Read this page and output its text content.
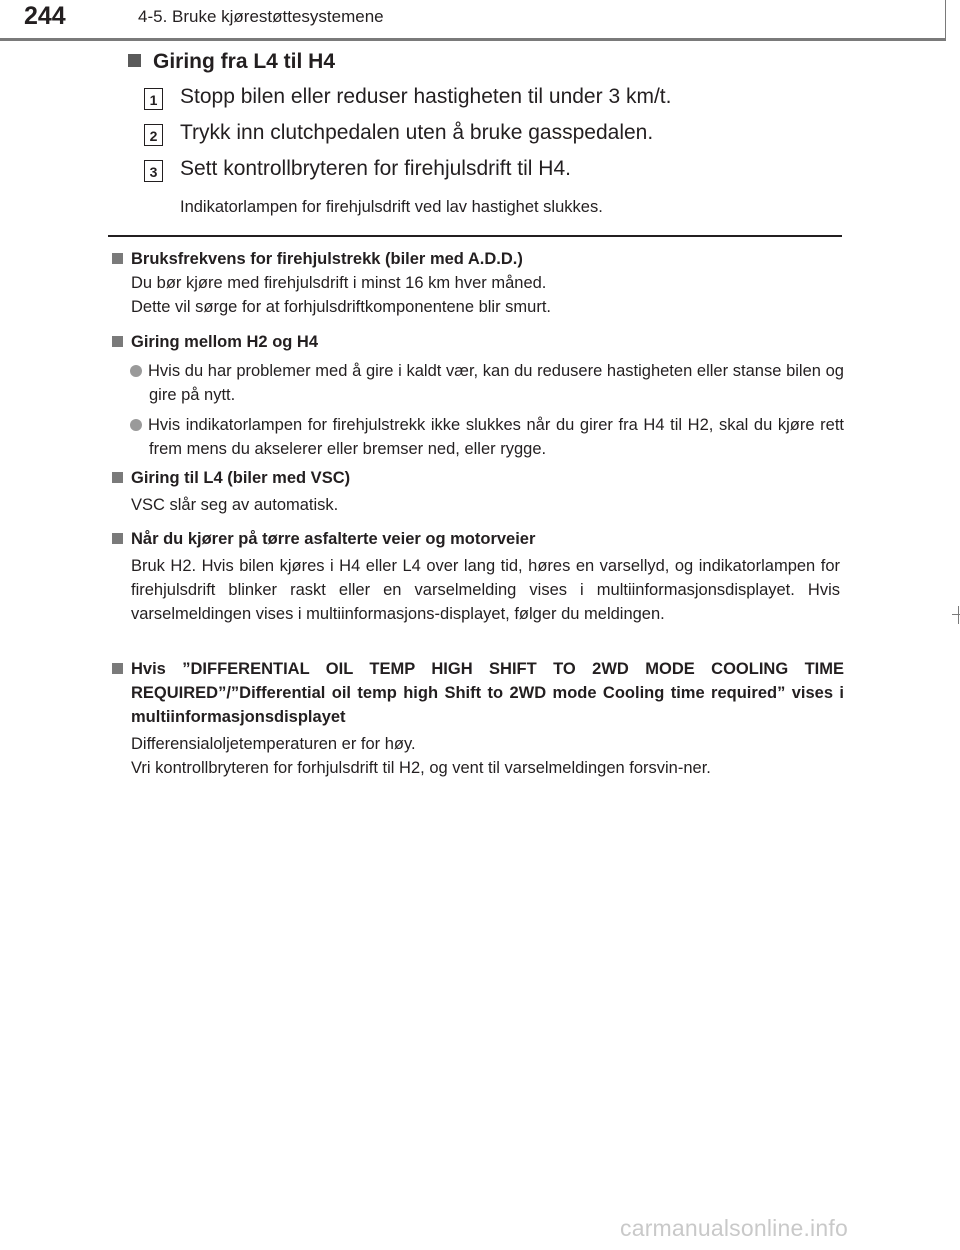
244	4-5. Bruke kjørestøttesystemene
Giring fra L4 til H4
1 Stopp bilen eller reduser hastigheten til under 3 km/t.
2 Trykk inn clutchpedalen uten å bruke gasspedalen.
3 Sett kontrollbryteren for firehjulsdrift til H4.
Indikatorlampen for firehjulsdrift ved lav hastighet slukkes.
Bruksfrekvens for firehjulstrekk (biler med A.D.D.)
Du bør kjøre med firehjulsdrift i minst 16 km hver måned.
Dette vil sørge for at forhjulsdriftkomponentene blir smurt.
Giring mellom H2 og H4
Hvis du har problemer med å gire i kaldt vær, kan du redusere hastigheten eller stanse bilen og gire på nytt.
Hvis indikatorlampen for firehjulstrekk ikke slukkes når du girer fra H4 til H2, skal du kjøre rett frem mens du akselerer eller bremser ned, eller rygge.
Giring til L4 (biler med VSC)
VSC slår seg av automatisk.
Når du kjører på tørre asfalterte veier og motorveier
Bruk H2. Hvis bilen kjøres i H4 eller L4 over lang tid, høres en varsellyd, og indikatorlampen for firehjulsdrift blinker raskt eller en varselmelding vises i multiinformasjonsdisplayet. Hvis varselmeldingen vises i multiinformasjons-displayet, følger du meldingen.
Hvis ”DIFFERENTIAL OIL TEMP HIGH SHIFT TO 2WD MODE COOLING TIME REQUIRED”/”Differential oil temp high Shift to 2WD mode Cooling time required” vises i multiinformasjonsdisplayet
Differensialoljetemperaturen er for høy.
Vri kontrollbryteren for forhjulsdrift til H2, og vent til varselmeldingen forsvin-ner.
carmanualsonline.info
